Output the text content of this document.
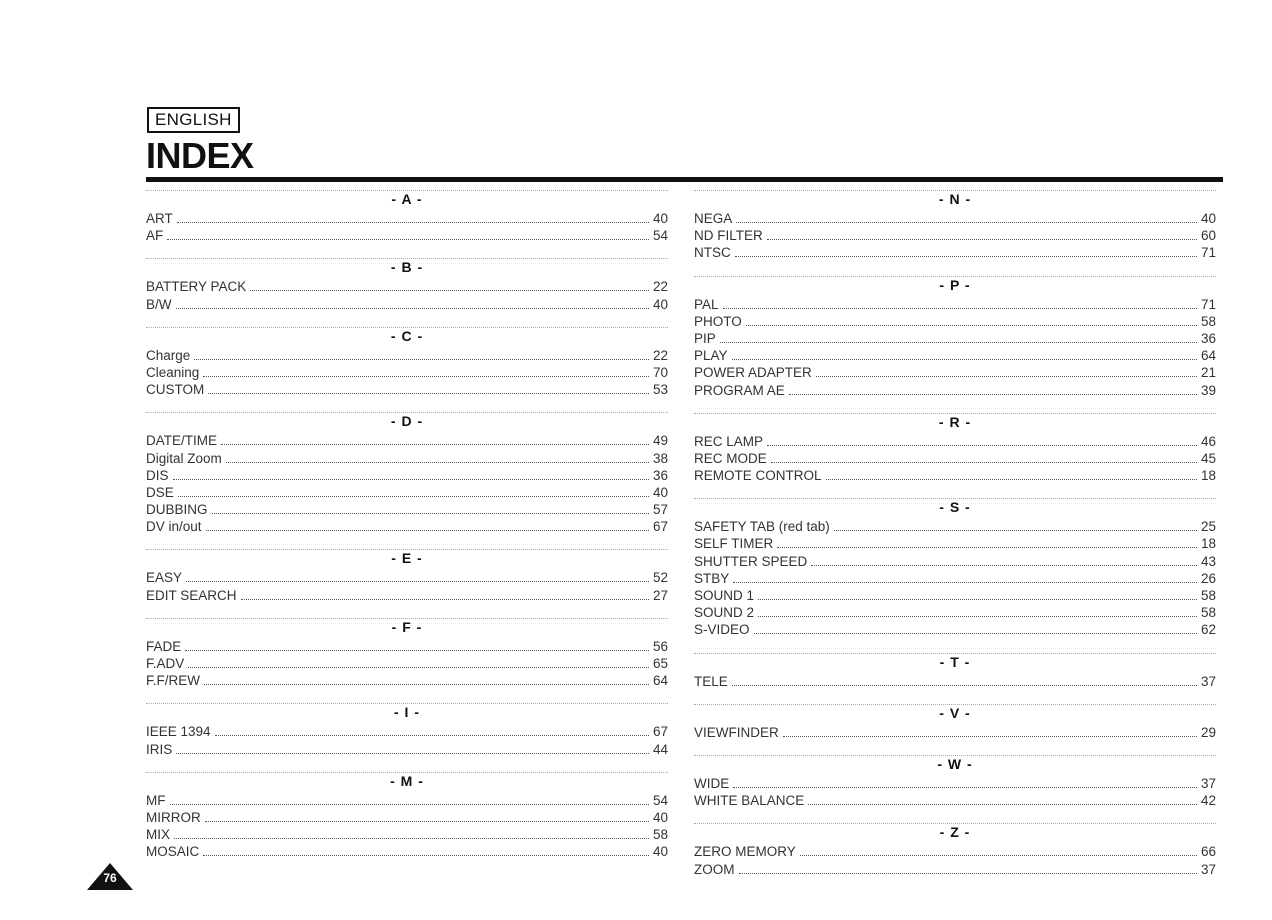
ENGLISH
INDEX
- A -
ART	40
AF	54
- B -
BATTERY PACK	22
B/W	40
- C -
Charge	22
Cleaning	70
CUSTOM	53
- D -
DATE/TIME	49
Digital Zoom	38
DIS	36
DSE	40
DUBBING	57
DV in/out	67
- E -
EASY	52
EDIT SEARCH	27
- F -
FADE	56
F.ADV	65
F.F/REW	64
- I -
IEEE 1394	67
IRIS	44
- M -
MF	54
MIRROR	40
MIX	58
MOSAIC	40
- N -
NEGA	40
ND FILTER	60
NTSC	71
- P -
PAL	71
PHOTO	58
PIP	36
PLAY	64
POWER ADAPTER	21
PROGRAM AE	39
- R -
REC LAMP	46
REC MODE	45
REMOTE CONTROL	18
- S -
SAFETY TAB (red tab)	25
SELF TIMER	18
SHUTTER SPEED	43
STBY	26
SOUND 1	58
SOUND 2	58
S-VIDEO	62
- T -
TELE	37
- V -
VIEWFINDER	29
- W -
WIDE	37
WHITE BALANCE	42
- Z -
ZERO MEMORY	66
ZOOM	37
76
